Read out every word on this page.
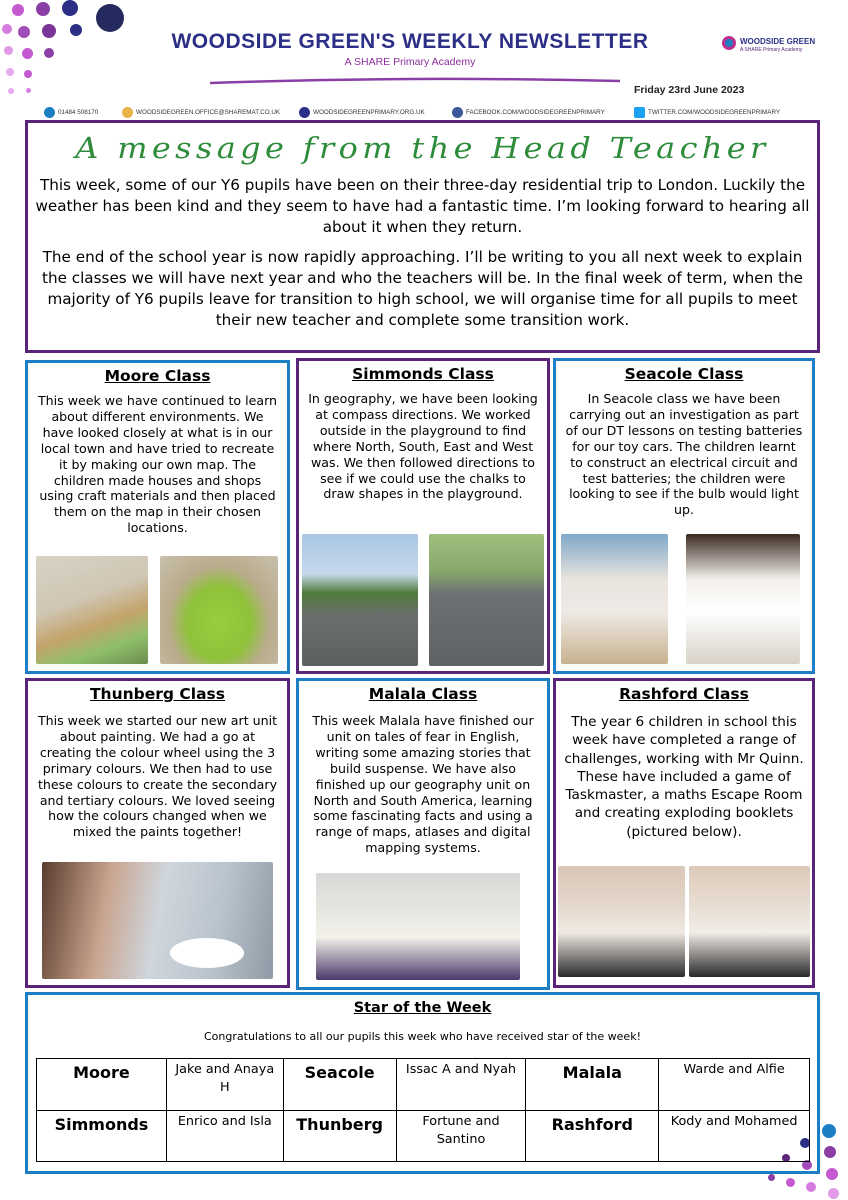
WOODSIDE GREEN'S WEEKLY NEWSLETTER
A SHARE Primary Academy
WOODSIDE GREEN
A SHARE Primary Academy
Friday 23rd June 2023
01484 508170	WOODSIDEGREEN.OFFICE@SHAREMAT.CO.UK	WOODSIDEGREENPRIMARY.ORG.UK	FACEBOOK.COM/WOODSIDEGREENPRIMARY	TWITTER.COM/WOODSIDEGREENPRIMARY
A message from the Head Teacher
This week, some of our Y6 pupils have been on their three-day residential trip to London. Luckily the weather has been kind and they seem to have had a fantastic time. I’m looking forward to hearing all about it when they return.
The end of the school year is now rapidly approaching. I’ll be writing to you all next week to explain the classes we will have next year and who the teachers will be. In the final week of term, when the majority of Y6 pupils leave for transition to high school, we will organise time for all pupils to meet their new teacher and complete some transition work.
Moore Class
This week we have continued to learn about different environments. We have looked closely at what is in our local town and have tried to recreate it by making our own map. The children made houses and shops using craft materials and then placed them on the map in their chosen locations.
Simmonds Class
In geography, we have been looking at compass directions. We worked outside in the playground to find where North, South, East and West was. We then followed directions to see if we could use the chalks to draw shapes in the playground.
Seacole Class
In Seacole class we have been carrying out an investigation as part of our DT lessons on testing batteries for our toy cars. The children learnt to construct an electrical circuit and test batteries; the children were looking to see if the bulb would light up.
Thunberg Class
This week we started our new art unit about painting. We had a go at creating the colour wheel using the 3 primary colours. We then had to use these colours to create the secondary and tertiary colours. We loved seeing how the colours changed when we mixed the paints together!
Malala Class
This week Malala have finished our unit on tales of fear in English, writing some amazing stories that build suspense. We have also finished up our geography unit on North and South America, learning some fascinating facts and using a range of maps, atlases and digital mapping systems.
Rashford Class
The year 6 children in school this week have completed a range of challenges, working with Mr Quinn. These have included a game of Taskmaster, a maths Escape Room and creating exploding booklets (pictured below).
Star of the Week
Congratulations to all our pupils this week who have received star of the week!
Moore	Jake and Anaya H	Seacole	Issac A and Nyah	Malala	Warde and Alfie
Simmonds	Enrico and Isla	Thunberg	Fortune and Santino	Rashford	Kody and Mohamed
